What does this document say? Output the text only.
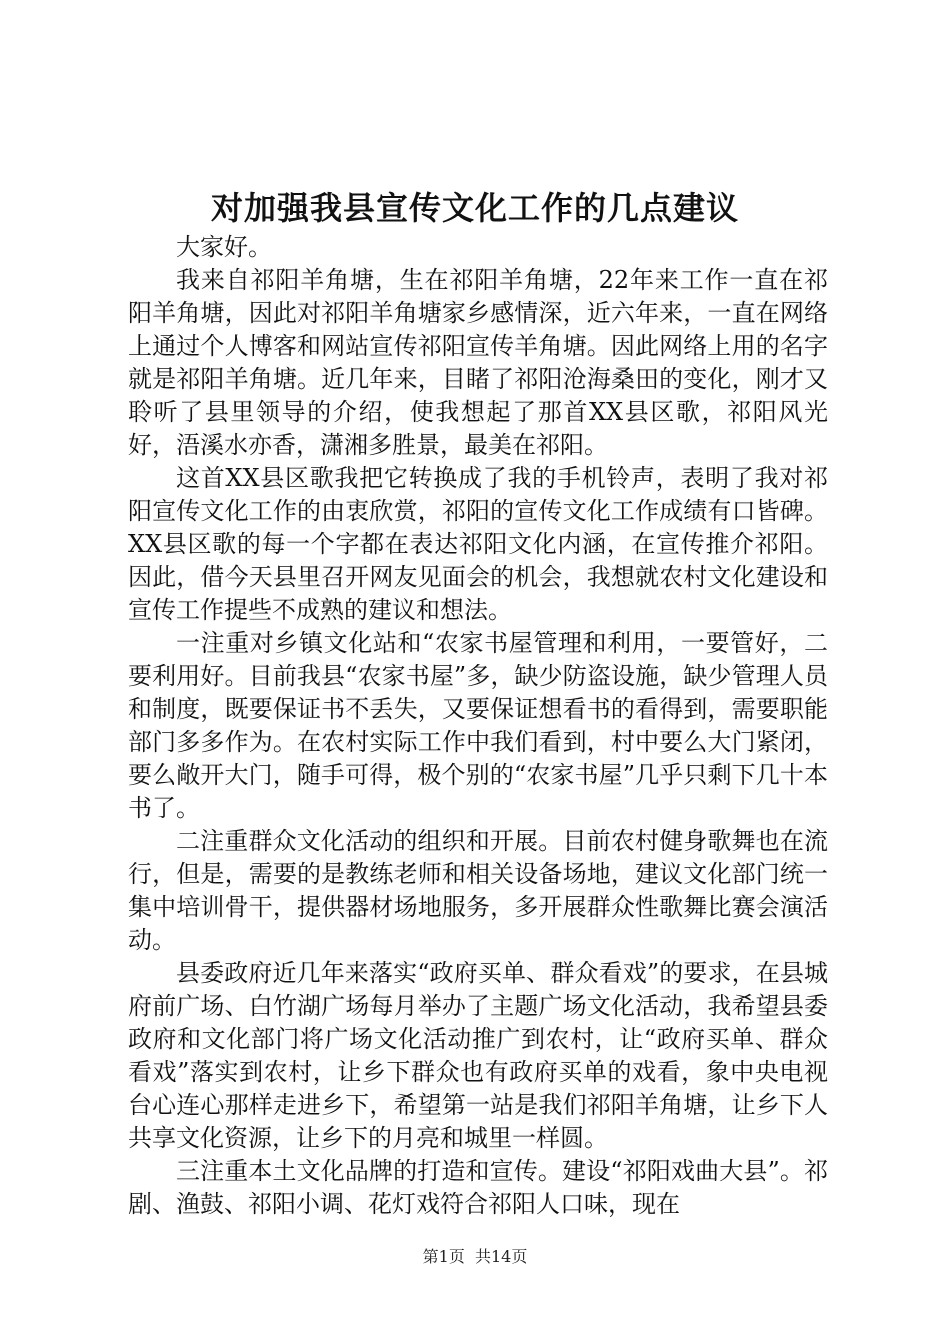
对加强我县宣传文化工作的几点建议

大家好。

我来自祁阳羊角塘，生在祁阳羊角塘，22年来工作一直在祁阳羊角塘，因此对祁阳羊角塘家乡感情深，近六年来，一直在网络上通过个人博客和网站宣传祁阳宣传羊角塘。因此网络上用的名字就是祁阳羊角塘。近几年来，目睹了祁阳沧海桑田的变化，刚才又聆听了县里领导的介绍，使我想起了那首XX县区歌，祁阳风光好，浯溪水亦香，潇湘多胜景，最美在祁阳。

这首XX县区歌我把它转换成了我的手机铃声，表明了我对祁阳宣传文化工作的由衷欣赏，祁阳的宣传文化工作成绩有口皆碑。XX县区歌的每一个字都在表达祁阳文化内涵，在宣传推介祁阳。因此，借今天县里召开网友见面会的机会，我想就农村文化建设和宣传工作提些不成熟的建议和想法。

一注重对乡镇文化站和“农家书屋管理和利用，一要管好，二要利用好。目前我县“农家书屋”多，缺少防盗设施，缺少管理人员和制度，既要保证书不丢失，又要保证想看书的看得到，需要职能部门多多作为。在农村实际工作中我们看到，村中要么大门紧闭，要么敞开大门，随手可得，极个别的“农家书屋”几乎只剩下几十本书了。

二注重群众文化活动的组织和开展。目前农村健身歌舞也在流行，但是，需要的是教练老师和相关设备场地，建议文化部门统一集中培训骨干，提供器材场地服务，多开展群众性歌舞比赛会演活动。

县委政府近几年来落实“政府买单、群众看戏”的要求，在县城府前广场、白竹湖广场每月举办了主题广场文化活动，我希望县委政府和文化部门将广场文化活动推广到农村，让“政府买单、群众看戏”落实到农村，让乡下群众也有政府买单的戏看，象中央电视台心连心那样走进乡下，希望第一站是我们祁阳羊角塘，让乡下人共享文化资源，让乡下的月亮和城里一样圆。

三注重本土文化品牌的打造和宣传。建设“祁阳戏曲大县”。祁剧、渔鼓、祁阳小调、花灯戏符合祁阳人口味，现在

第1页  共14页
